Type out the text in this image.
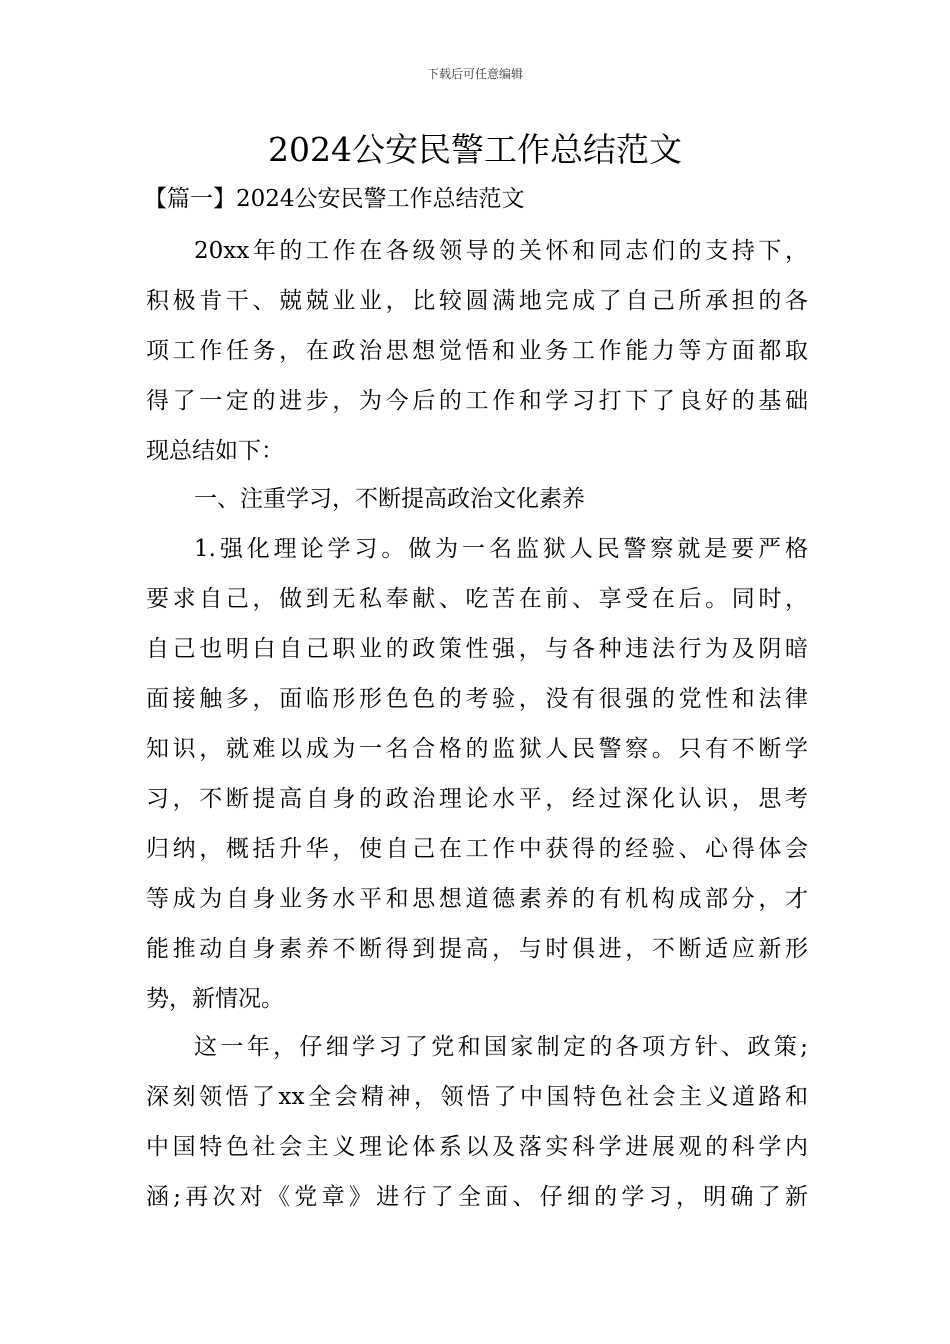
下载后可任意编辑
2024公安民警工作总结范文
【篇一】2024公安民警工作总结范文
20xx年的工作在各级领导的关怀和同志们的支持下，
积极肯干、兢兢业业，比较圆满地完成了自己所承担的各
项工作任务，在政治思想觉悟和业务工作能力等方面都取
得了一定的进步，为今后的工作和学习打下了良好的基础
现总结如下：
一、注重学习，不断提高政治文化素养
1.强化理论学习。做为一名监狱人民警察就是要严格
要求自己，做到无私奉献、吃苦在前、享受在后。同时，
自己也明白自己职业的政策性强，与各种违法行为及阴暗
面接触多，面临形形色色的考验，没有很强的党性和法律
知识，就难以成为一名合格的监狱人民警察。只有不断学
习，不断提高自身的政治理论水平，经过深化认识，思考
归纳，概括升华，使自己在工作中获得的经验、心得体会
等成为自身业务水平和思想道德素养的有机构成部分，才
能推动自身素养不断得到提高，与时俱进，不断适应新形
势，新情况。
这一年，仔细学习了党和国家制定的各项方针、政策;
深刻领悟了xx全会精神，领悟了中国特色社会主义道路和
中国特色社会主义理论体系以及落实科学进展观的科学内
涵;再次对《党章》进行了全面、仔细的学习，明确了新
